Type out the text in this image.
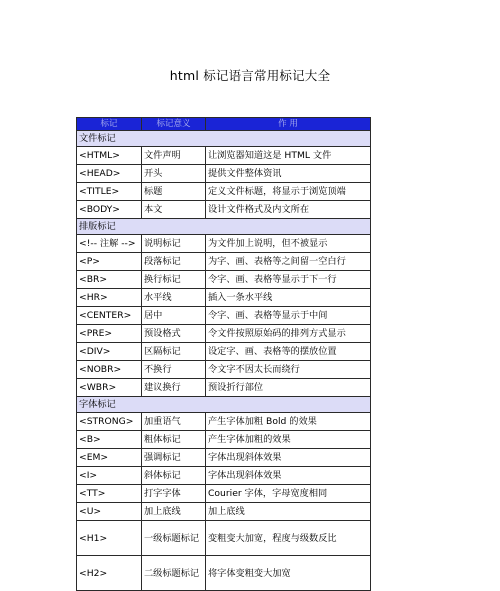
html 标记语言常用标记大全
标记	标记意义	作 用
文件标记		
<HTML>	文件声明	让浏览器知道这是 HTML 文件
<HEAD>	开头	提供文件整体资讯
<TITLE>	标题	定义文件标题，将显示于浏览顶端
<BODY>	本文	设计文件格式及内文所在
排版标记		
<!-- 注解 -->	说明标记	为文件加上说明，但不被显示
<P>	段落标记	为字、画、表格等之间留一空白行
<BR>	换行标记	令字、画、表格等显示于下一行
<HR>	水平线	插入一条水平线
<CENTER>	居中	令字、画、表格等显示于中间
<PRE>	预设格式	令文件按照原始码的排列方式显示
<DIV>	区隔标记	设定字、画、表格等的摆放位置
<NOBR>	不换行	令文字不因太长而绕行
<WBR>	建议换行	预设折行部位
字体标记		
<STRONG>	加重语气	产生字体加粗 Bold 的效果
<B>	粗体标记	产生字体加粗的效果
<EM>	强调标记	字体出现斜体效果
<I>	斜体标记	字体出现斜体效果
<TT>	打字字体	Courier 字体，字母宽度相同
<U>	加上底线	加上底线
<H1>	一级标题标记	变粗变大加宽，程度与级数反比
<H2>	二级标题标记	将字体变粗变大加宽
